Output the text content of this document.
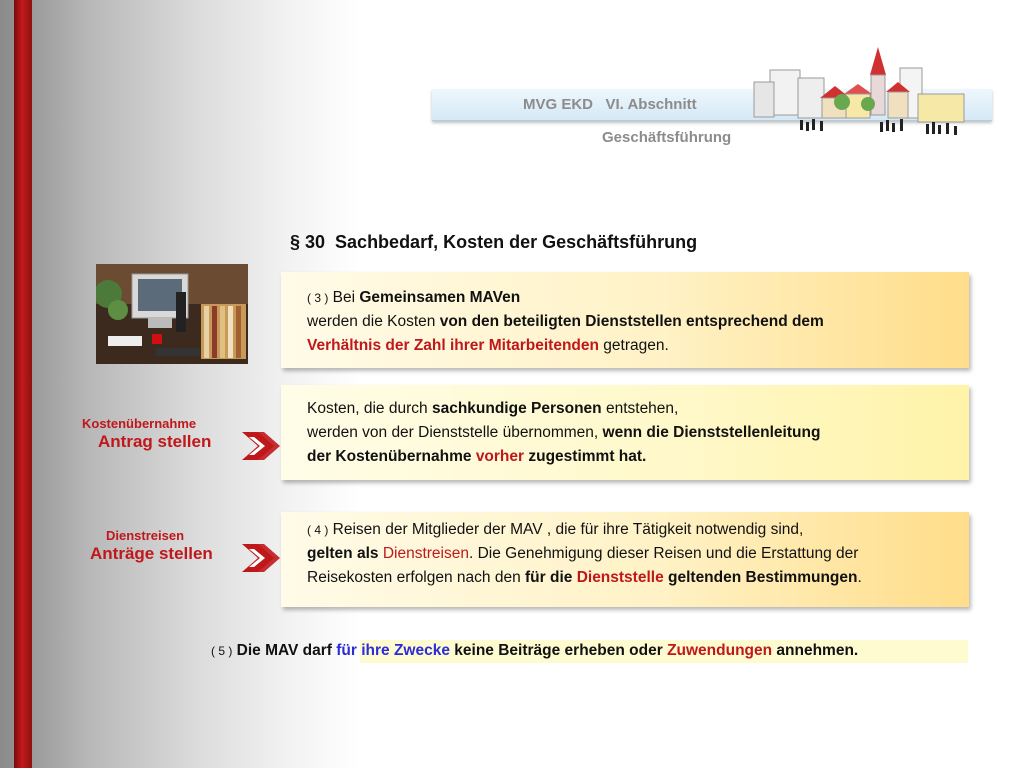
MVG EKD   VI. Abschnitt
Geschäftsführung
§ 30  Sachbedarf, Kosten der Geschäftsführung
( 3 ) Bei Gemeinsamen MAVen
werden die Kosten von den beteiligten Dienststellen entsprechend dem
Verhältnis der Zahl ihrer Mitarbeitenden getragen.
Kosten, die durch sachkundige Personen entstehen,
werden von der Dienststelle übernommen, wenn die Dienststellenleitung
der Kostenübernahme vorher zugestimmt hat.
( 4 ) Reisen der Mitglieder der MAV , die für ihre Tätigkeit notwendig sind,
gelten als Dienstreisen. Die Genehmigung dieser Reisen und die Erstattung der
Reisekosten erfolgen nach den für die Dienststelle geltenden Bestimmungen.
Kostenübernahme
Antrag stellen
Dienstreisen
Anträge stellen
( 5 ) Die MAV darf für ihre Zwecke keine Beiträge erheben oder Zuwendungen annehmen.
